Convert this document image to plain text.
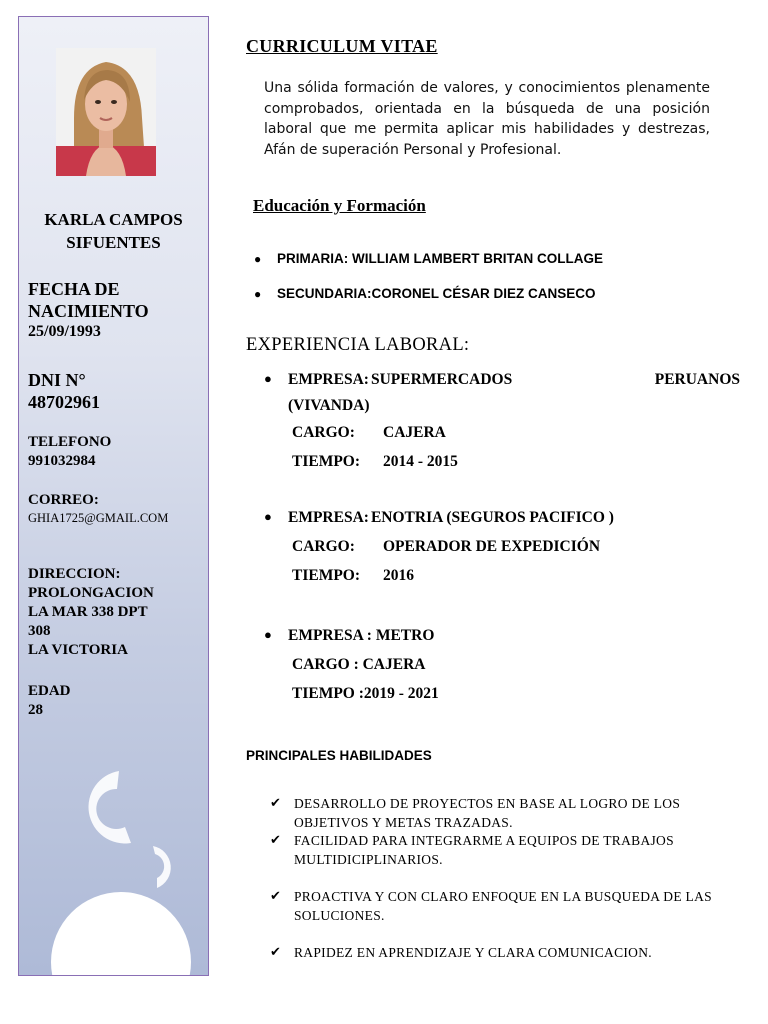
KARLA CAMPOS
SIFUENTES
FECHA DE
NACIMIENTO
25/09/1993
DNI N°
48702961
TELEFONO
991032984
CORREO:
GHIA1725@GMAIL.COM
DIRECCION:
PROLONGACION
LA MAR 338 DPT
308
LA VICTORIA
EDAD
28
CURRICULUM VITAE
Una sólida formación de valores, y conocimientos plenamente comprobados, orientada en la búsqueda de una posición laboral que me permita aplicar mis habilidades y destrezas, Afán de superación Personal y Profesional.
Educación y Formación
● PRIMARIA: WILLIAM LAMBERT BRITAN COLLAGE
● SECUNDARIA:CORONEL CÉSAR DIEZ CANSECO
EXPERIENCIA LABORAL:
●	EMPRESA: SUPERMERCADOS	PERUANOS
(VIVANDA)
CARGO: CAJERA
TIEMPO: 2014 - 2015
●	EMPRESA: ENOTRIA (SEGUROS PACIFICO )
CARGO: OPERADOR DE EXPEDICIÓN
TIEMPO: 2016
●	EMPRESA : METRO
CARGO : CAJERA
TIEMPO :2019 - 2021
PRINCIPALES HABILIDADES
✔ DESARROLLO DE PROYECTOS EN BASE AL LOGRO DE LOS OBJETIVOS Y METAS TRAZADAS.
✔ FACILIDAD PARA INTEGRARME A EQUIPOS DE TRABAJOS MULTIDICIPLINARIOS.
✔ PROACTIVA Y CON CLARO ENFOQUE EN LA BUSQUEDA DE LAS SOLUCIONES.
✔ RAPIDEZ EN APRENDIZAJE Y CLARA COMUNICACION.
